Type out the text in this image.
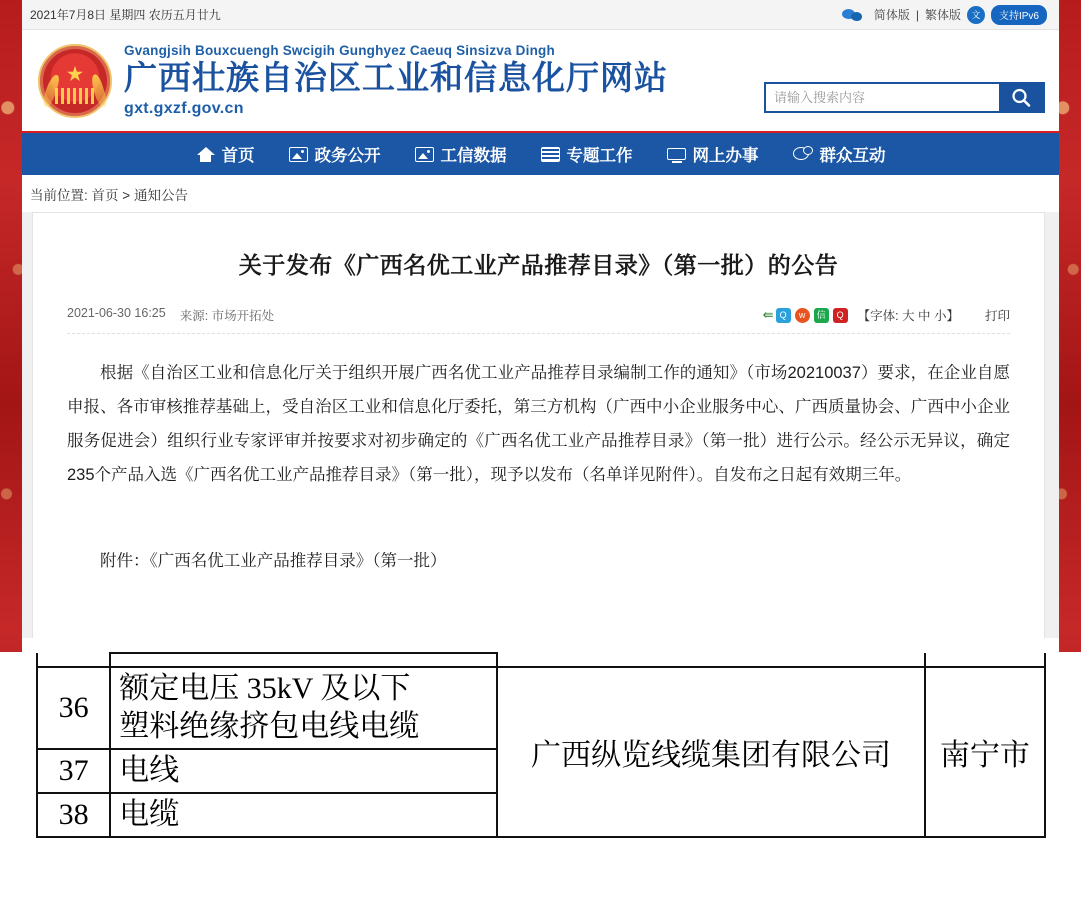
2021年7月8日 星期四 农历五月廿九	简体版 | 繁体版	文	支持IPv6
★
Gvangjsih Bouxcuengh Swcigih Gunghyez Caeuq Sinsizva Dingh
广西壮族自治区工业和信息化厅网站
gxt.gxzf.gov.cn
请输入搜索内容
首页	政务公开	工信数据	专题工作	网上办事	群众互动
当前位置: 首页 > 通知公告
关于发布《广西名优工业产品推荐目录》（第一批）的公告
2021-06-30 16:25 来源: 市场开拓处	⇚ Q	w	信	Q	【字体: 大 中 小】 打印

根据《自治区工业和信息化厅关于组织开展广西名优工业产品推荐目录编制工作的通知》（市场20210037）要求，在企业自愿申报、各市审核推荐基础上，受自治区工业和信息化厅委托，第三方机构（广西中小企业服务中心、广西质量协会、广西中小企业服务促进会）组织行业专家评审并按要求对初步确定的《广西名优工业产品推荐目录》（第一批）进行公示。经公示无异议，确定235个产品入选《广西名优工业产品推荐目录》（第一批），现予以发布（名单详见附件）。自发布之日起有效期三年。

附件：《广西名优工业产品推荐目录》（第一批）

36	额定电压 35kV 及以下
塑料绝缘挤包电线电缆	广西纵览线缆集团有限公司	南宁市
37	电线		
38	电缆		
